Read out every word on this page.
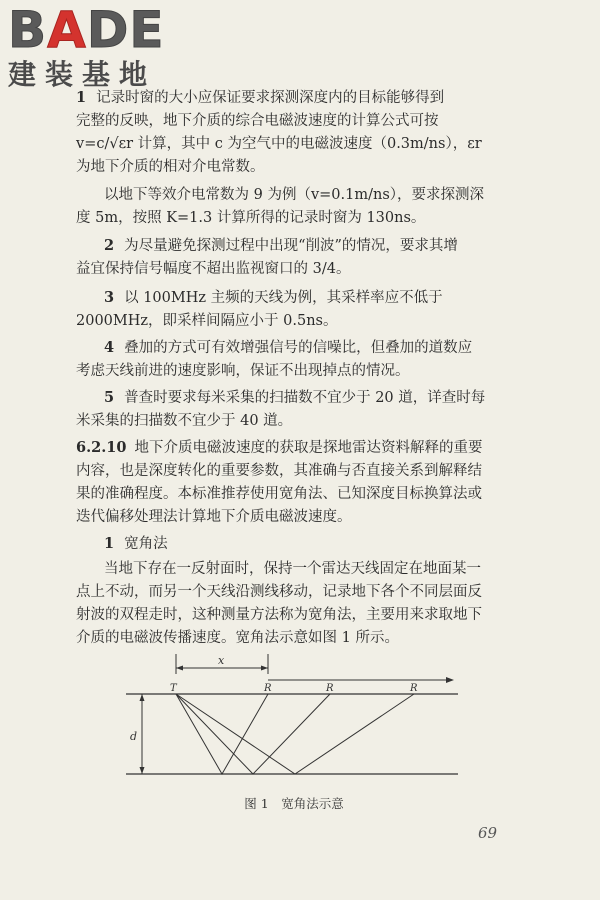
BADE
建装基地
1 记录时窗的大小应保证要求探测深度内的目标能够得到
完整的反映，地下介质的综合电磁波速度的计算公式可按
v=c/√εr 计算，其中 c 为空气中的电磁波速度（0.3m/ns），εr
为地下介质的相对介电常数。
以地下等效介电常数为 9 为例（v=0.1m/ns），要求探测深
度 5m，按照 K=1.3 计算所得的记录时窗为 130ns。
2 为尽量避免探测过程中出现“削波”的情况，要求其增
益宜保持信号幅度不超出监视窗口的 3/4。
3 以 100MHz 主频的天线为例，其采样率应不低于
2000MHz，即采样间隔应小于 0.5ns。
4 叠加的方式可有效增强信号的信噪比，但叠加的道数应
考虑天线前进的速度影响，保证不出现掉点的情况。
5 普查时要求每米采集的扫描数不宜少于 20 道，详查时每
米采集的扫描数不宜少于 40 道。
6.2.10 地下介质电磁波速度的获取是探地雷达资料解释的重要
内容，也是深度转化的重要参数，其准确与否直接关系到解释结
果的准确程度。本标准推荐使用宽角法、已知深度目标换算法或
迭代偏移处理法计算地下介质电磁波速度。
1 宽角法
当地下存在一反射面时，保持一个雷达天线固定在地面某一
点上不动，而另一个天线沿测线移动，记录地下各个不同层面反
射波的双程走时，这种测量方法称为宽角法，主要用来求取地下
介质的电磁波传播速度。宽角法示意如图 1 所示。
x
d
T	R	R	R
图 1　宽角法示意
69
